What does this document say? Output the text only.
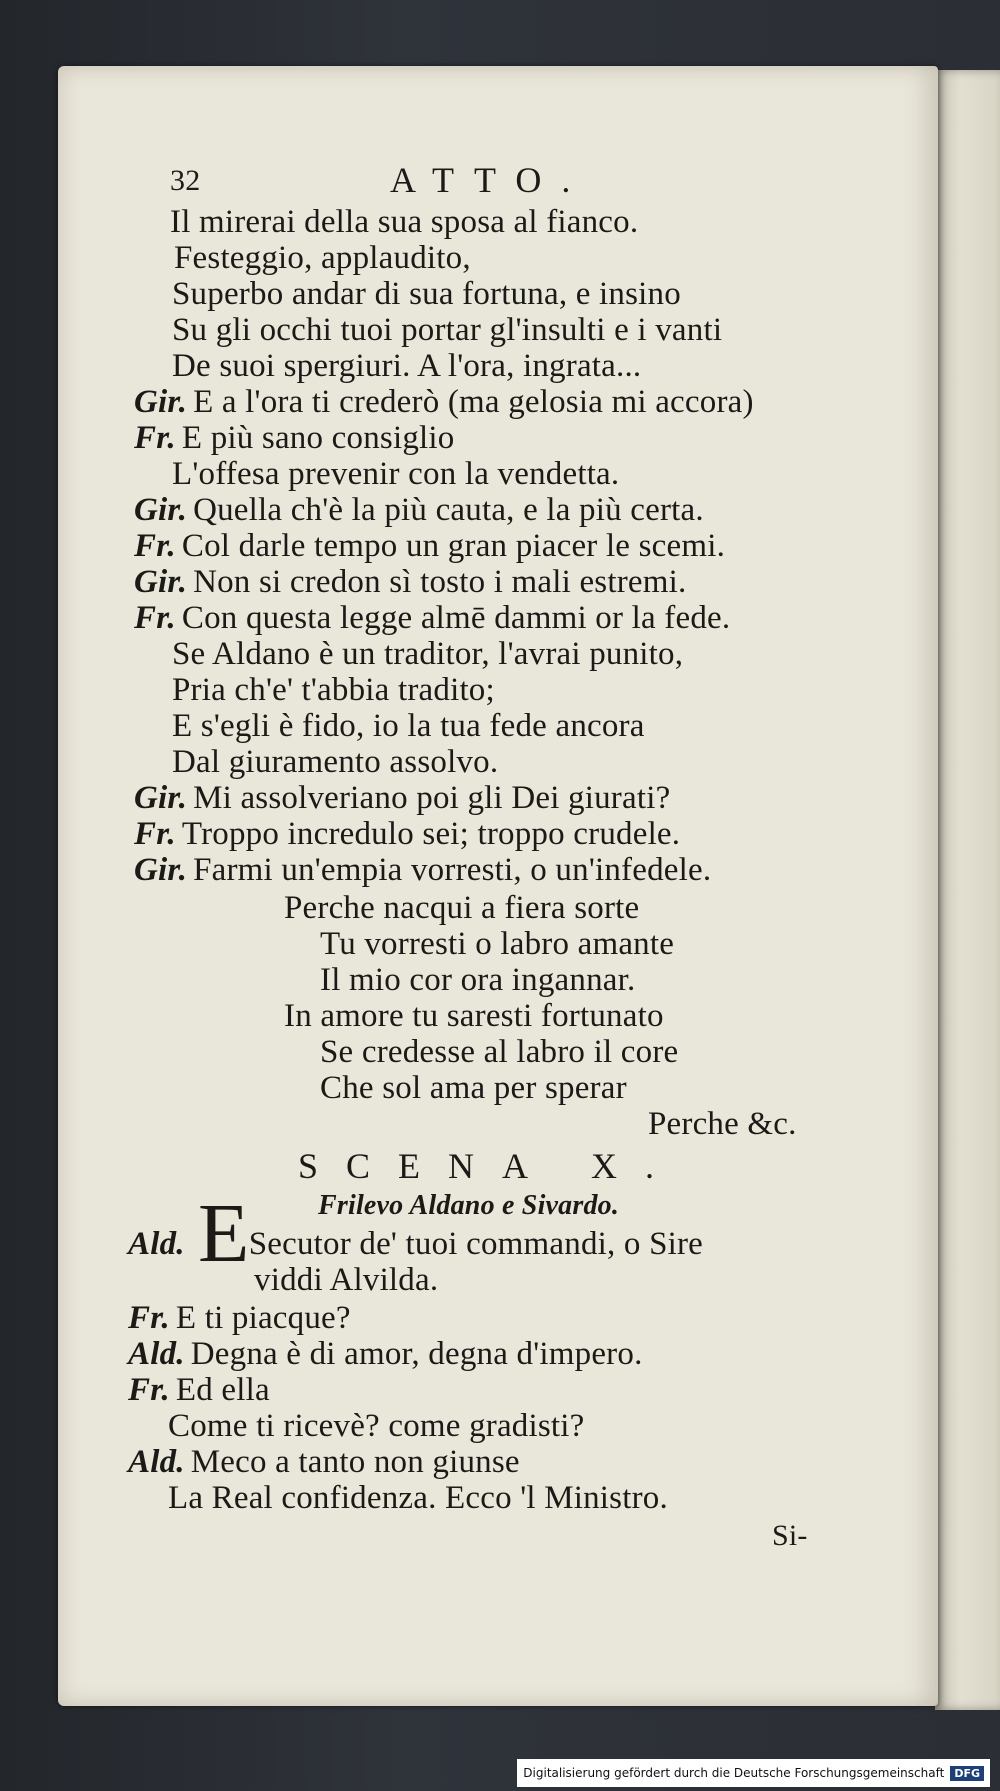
32	ATTO.
Il mirerai della sua sposa al fianco.
Festeggio, applaudito,
Superbo andar di sua fortuna, e insino
Su gli occhi tuoi portar gl'insulti e i vanti
De suoi spergiuri. A l'ora, ingrata...
Gir. E a l'ora ti crederò (ma gelosia mi accora)
Fr. E più sano consiglio
L'offesa prevenir con la vendetta.
Gir. Quella ch'è la più cauta, e la più certa.
Fr. Col darle tempo un gran piacer le scemi.
Gir. Non si credon sì tosto i mali estremi.
Fr. Con questa legge almē dammi or la fede.
Se Aldano è un traditor, l'avrai punito,
Pria ch'e' t'abbia tradito;
E s'egli è fido, io la tua fede ancora
Dal giuramento assolvo.
Gir. Mi assolveriano poi gli Dei giurati?
Fr. Troppo incredulo sei; troppo crudele.
Gir. Farmi un'empia vorresti, o un'infedele.
Perche nacqui a fiera sorte
Tu vorresti o labro amante
Il mio cor ora ingannar.
In amore tu saresti fortunato
Se credesse al labro il core
Che sol ama per sperar
Perche &c.
SCENA X.
Frilevo Aldano e Sivardo.
E
Ald. Secutor de' tuoi commandi, o Sire
viddi Alvilda.
Fr. E ti piacque?
Ald. Degna è di amor, degna d'impero.
Fr. Ed ella
Come ti ricevè? come gradisti?
Ald. Meco a tanto non giunse
La Real confidenza. Ecco 'l Ministro.
Si-
Digitalisierung gefördert durch die Deutsche Forschungsgemeinschaft DFG
